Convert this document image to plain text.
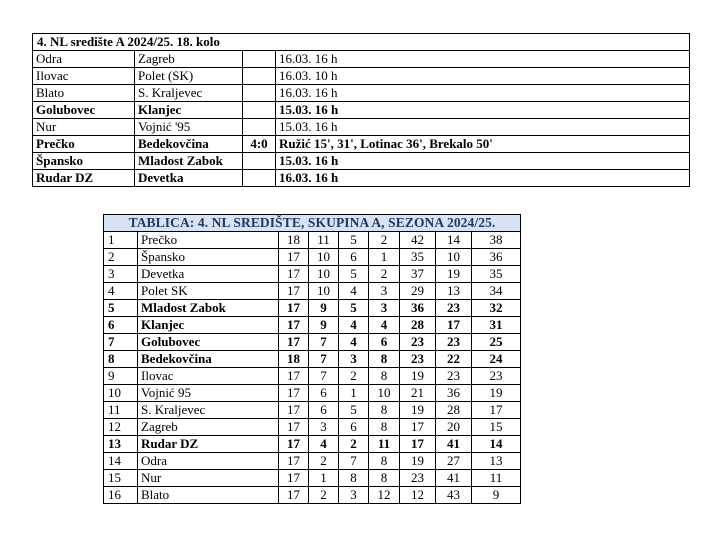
4. NL središte A 2024/25. 18. kolo			
Odra	Zagreb		16.03. 16 h
Ilovac	Polet (SK)		16.03. 10 h
Blato	S. Kraljevec		16.03. 16 h
Golubovec	Klanjec		15.03. 16 h
Nur	Vojnić '95		15.03. 16 h
Prečko	Bedekovčina	4:0	Ružić 15', 31', Lotinac 36', Brekalo 50'
Špansko	Mladost Zabok		15.03. 16 h
Rudar DZ	Devetka		16.03. 16 h
TABLICA: 4. NL SREDIŠTE, SKUPINA A, SEZONA 2024/25.								
1	Prečko	18	11	5	2	42	14	38
2	Špansko	17	10	6	1	35	10	36
3	Devetka	17	10	5	2	37	19	35
4	Polet SK	17	10	4	3	29	13	34
5	Mladost Zabok	17	9	5	3	36	23	32
6	Klanjec	17	9	4	4	28	17	31
7	Golubovec	17	7	4	6	23	23	25
8	Bedekovčina	18	7	3	8	23	22	24
9	Ilovac	17	7	2	8	19	23	23
10	Vojnić 95	17	6	1	10	21	36	19
11	S. Kraljevec	17	6	5	8	19	28	17
12	Zagreb	17	3	6	8	17	20	15
13	Rudar DZ	17	4	2	11	17	41	14
14	Odra	17	2	7	8	19	27	13
15	Nur	17	1	8	8	23	41	11
16	Blato	17	2	3	12	12	43	9
